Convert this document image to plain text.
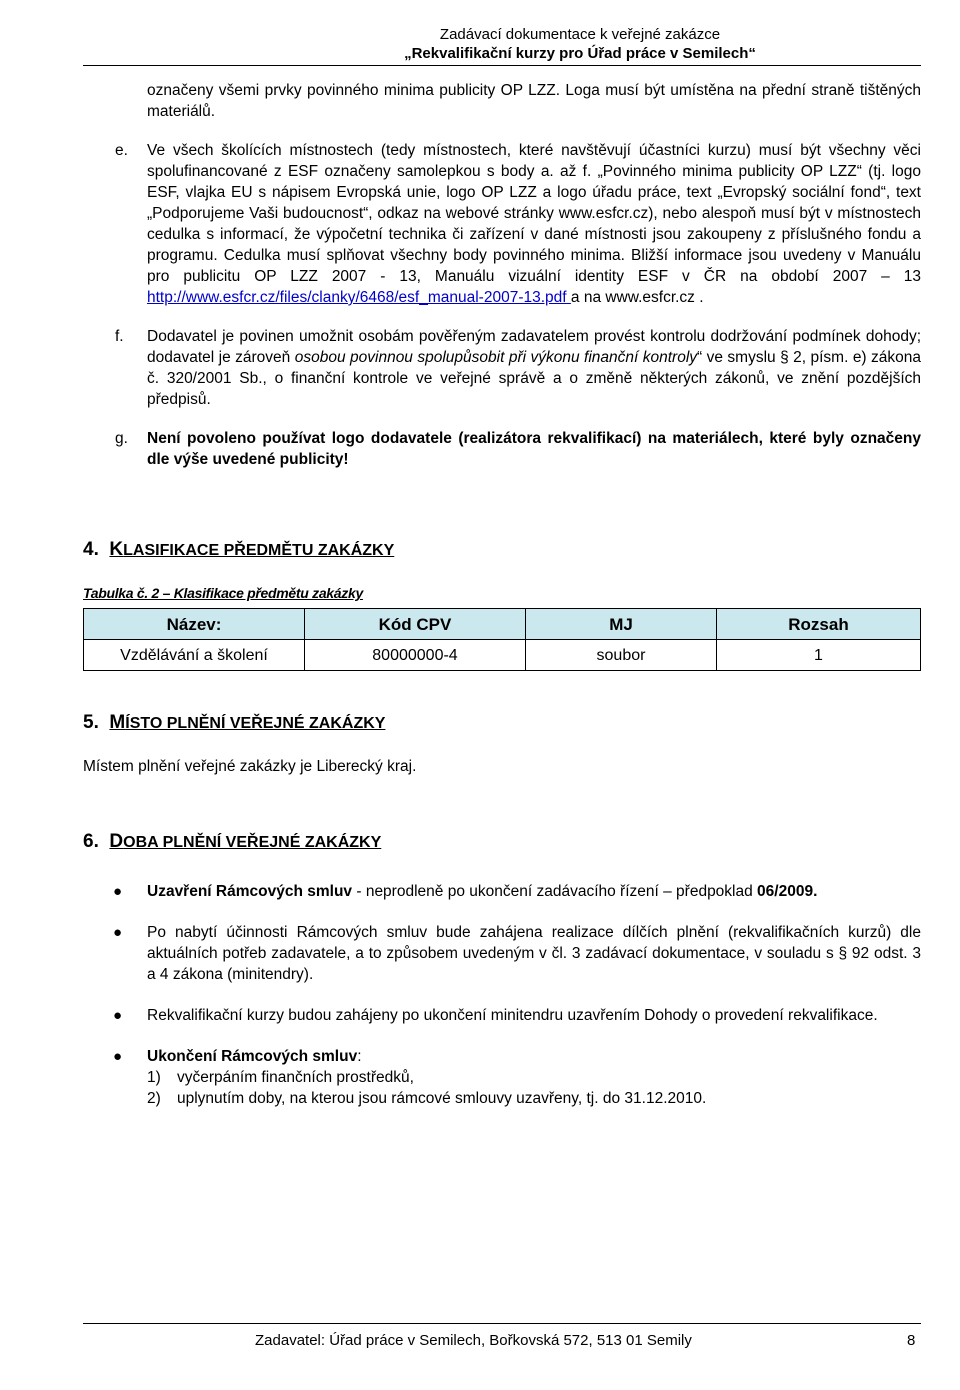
Zadávací dokumentace k veřejné zakázce
„Rekvalifikační kurzy pro Úřad práce v Semilech“

označeny všemi prvky povinného minima publicity OP LZZ. Loga musí být umístěna na přední straně tištěných materiálů.

e. Ve všech školících místnostech (tedy místnostech, které navštěvují účastníci kurzu) musí být všechny věci spolufinancované z ESF označeny samolepkou s body a. až f. „Povinného minima publicity OP LZZ“ (tj. logo ESF, vlajka EU s nápisem Evropská unie, logo OP LZZ a logo úřadu práce, text „Evropský sociální fond“, text „Podporujeme Vaši budoucnost“, odkaz na webové stránky www.esfcr.cz), nebo alespoň musí být v místnostech cedulka s informací, že výpočetní technika či zařízení v dané místnosti jsou zakoupeny z příslušného fondu a programu. Cedulka musí splňovat všechny body povinného minima. Bližší informace jsou uvedeny v Manuálu pro publicitu OP LZZ 2007 - 13, Manuálu vizuální identity ESF v ČR na období 2007 – 13 http://www.esfcr.cz/files/clanky/6468/esf_manual-2007-13.pdf a na www.esfcr.cz .
f. Dodavatel je povinen umožnit osobám pověřeným zadavatelem provést kontrolu dodržování podmínek dohody; dodavatel je zároveň osobou povinnou spolupůsobit při výkonu finanční kontroly“ ve smyslu § 2, písm. e) zákona č. 320/2001 Sb., o finanční kontrole ve veřejné správě a o změně některých zákonů, ve znění pozdějších předpisů.
g. Není povoleno používat logo dodavatele (realizátora rekvalifikací) na materiálech, které byly označeny dle výše uvedené publicity!

4. KLASIFIKACE PŘEDMĚTU ZAKÁZKY

Tabulka č. 2 – Klasifikace předmětu zakázky

Název:	Kód CPV	MJ	Rozsah
Vzdělávání a školení	80000000-4	soubor	1

5. MÍSTO PLNĚNÍ VEŘEJNÉ ZAKÁZKY

Místem plnění veřejné zakázky je Liberecký kraj.

6. DOBA PLNĚNÍ VEŘEJNÉ ZAKÁZKY

● Uzavření Rámcových smluv - neprodleně po ukončení zadávacího řízení – předpoklad 06/2009.
● Po nabytí účinnosti Rámcových smluv bude zahájena realizace dílčích plnění (rekvalifikačních kurzů) dle aktuálních potřeb zadavatele, a to způsobem uvedeným v čl. 3 zadávací dokumentace, v souladu s § 92 odst. 3 a 4 zákona (minitendry).
● Rekvalifikační kurzy budou zahájeny po ukončení minitendru uzavřením Dohody o provedení rekvalifikace.
● Ukončení Rámcových smluv:
1)	vyčerpáním finančních prostředků,
2)	uplynutím doby, na kterou jsou rámcové smlouvy uzavřeny, tj. do 31.12.2010.
Zadavatel: Úřad práce v Semilech, Bořkovská 572, 513 01 Semily	8
